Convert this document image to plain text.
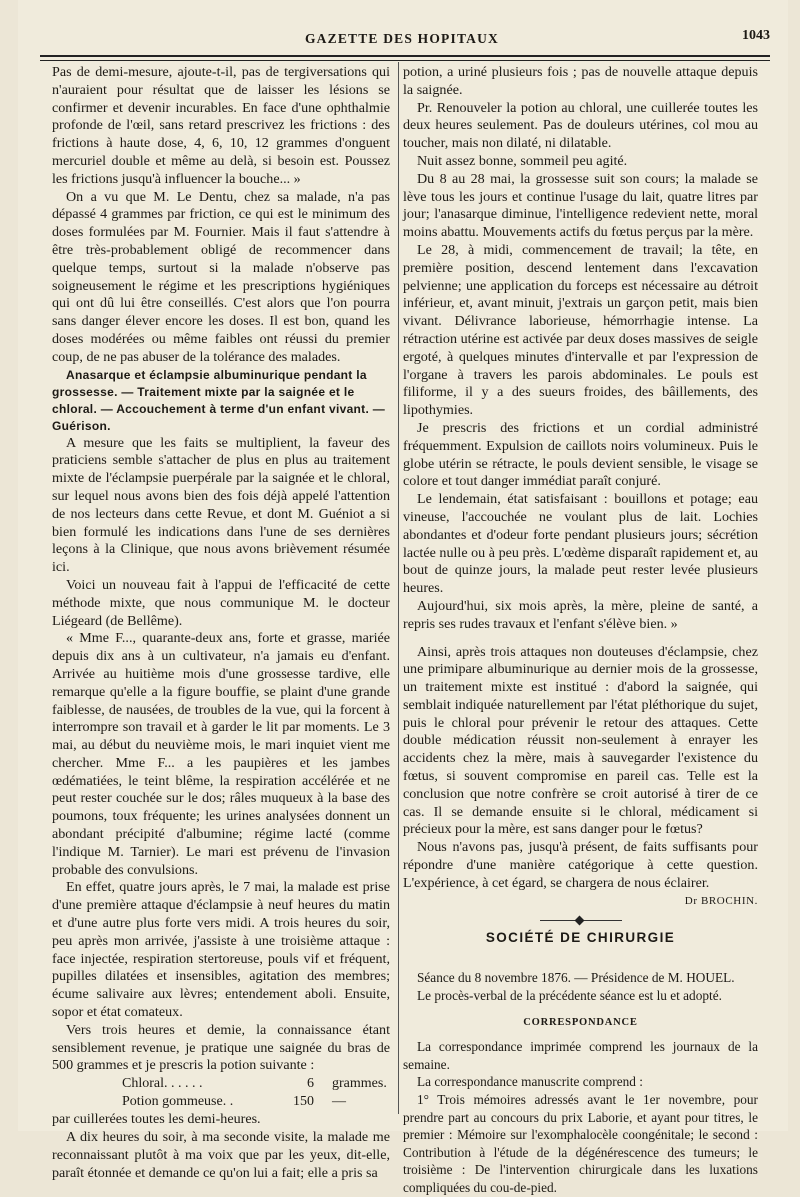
GAZETTE DES HOPITAUX	1043

Pas de demi-mesure, ajoute-t-il, pas de tergiversations qui n'auraient pour résultat que de laisser les lésions se confirmer et devenir incurables. En face d'une ophthalmie profonde de l'œil, sans retard prescrivez les frictions : des frictions à haute dose, 4, 6, 10, 12 grammes d'onguent mercuriel double et même au delà, si besoin est. Poussez les frictions jusqu'à influencer la bouche... »

On a vu que M. Le Dentu, chez sa malade, n'a pas dépassé 4 grammes par friction, ce qui est le minimum des doses formulées par M. Fournier. Mais il faut s'attendre à être très-probablement obligé de recommencer dans quelque temps, surtout si la malade n'observe pas soigneusement le régime et les prescriptions hygiéniques qui ont dû lui être conseillés. C'est alors que l'on pourra sans danger élever encore les doses. Il est bon, quand les doses modérées ou même faibles ont réussi du premier coup, de ne pas abuser de la tolérance des malades.

Anasarque et éclampsie albuminurique pendant la grossesse. — Traitement mixte par la saignée et le chloral. — Accouchement à terme d'un enfant vivant. — Guérison.

A mesure que les faits se multiplient, la faveur des praticiens semble s'attacher de plus en plus au traitement mixte de l'éclampsie puerpérale par la saignée et le chloral, sur lequel nous avons bien des fois déjà appelé l'attention de nos lecteurs dans cette Revue, et dont M. Guéniot a si bien formulé les indications dans l'une de ses dernières leçons à la Clinique, que nous avons brièvement résumée ici.

Voici un nouveau fait à l'appui de l'efficacité de cette méthode mixte, que nous communique M. le docteur Liégeard (de Bellême).

« Mme F..., quarante-deux ans, forte et grasse, mariée depuis dix ans à un cultivateur, n'a jamais eu d'enfant. Arrivée au huitième mois d'une grossesse tardive, elle remarque qu'elle a la figure bouffie, se plaint d'une grande faiblesse, de nausées, de troubles de la vue, qui la forcent à interrompre son travail et à garder le lit par moments. Le 3 mai, au début du neuvième mois, le mari inquiet vient me chercher. Mme F... a les paupières et les jambes œdématiées, le teint blême, la respiration accélérée et ne peut rester couchée sur le dos; râles muqueux à la base des poumons, toux fréquente; les urines analysées donnent un abondant précipité d'albumine; régime lacté (comme l'indique M. Tarnier). Le mari est prévenu de l'invasion probable des convulsions.

En effet, quatre jours après, le 7 mai, la malade est prise d'une première attaque d'éclampsie à neuf heures du matin et d'une autre plus forte vers midi. A trois heures du soir, peu après mon arrivée, j'assiste à une troisième attaque : face injectée, respiration stertoreuse, pouls vif et fréquent, pupilles dilatées et insensibles, agitation des membres; écume salivaire aux lèvres; entendement aboli. Ensuite, sopor et état comateux.

Vers trois heures et demie, la connaissance étant sensiblement revenue, je pratique une saignée du bras de 500 grammes et je prescris la potion suivante :

Chloral. . . . . .	6	grammes.
Potion gommeuse. .	150	—

par cuillerées toutes les demi-heures.

A dix heures du soir, à ma seconde visite, la malade me reconnaissant plutôt à ma voix que par les yeux, dit-elle, paraît étonnée et demande ce qu'on lui a fait; elle a pris sa

potion, a uriné plusieurs fois ; pas de nouvelle attaque depuis la saignée.

Pr. Renouveler la potion au chloral, une cuillerée toutes les deux heures seulement. Pas de douleurs utérines, col mou au toucher, mais non dilaté, ni dilatable.

Nuit assez bonne, sommeil peu agité.

Du 8 au 28 mai, la grossesse suit son cours; la malade se lève tous les jours et continue l'usage du lait, quatre litres par jour; l'anasarque diminue, l'intelligence redevient nette, moral moins abattu. Mouvements actifs du fœtus perçus par la mère.

Le 28, à midi, commencement de travail; la tête, en première position, descend lentement dans l'excavation pelvienne; une application du forceps est nécessaire au détroit inférieur, et, avant minuit, j'extrais un garçon petit, mais bien vivant. Délivrance laborieuse, hémorrhagie intense. La rétraction utérine est activée par deux doses massives de seigle ergoté, à quelques minutes d'intervalle et par l'expression de l'organe à travers les parois abdominales. Le pouls est filiforme, il y a des sueurs froides, des bâillements, des lipothymies.

Je prescris des frictions et un cordial administré fréquemment. Expulsion de caillots noirs volumineux. Puis le globe utérin se rétracte, le pouls devient sensible, le visage se colore et tout danger immédiat paraît conjuré.

Le lendemain, état satisfaisant : bouillons et potage; eau vineuse, l'accouchée ne voulant plus de lait. Lochies abondantes et d'odeur forte pendant plusieurs jours; sécrétion lactée nulle ou à peu près. L'œdème disparaît rapidement et, au bout de quinze jours, la malade peut rester levée plusieurs heures.

Aujourd'hui, six mois après, la mère, pleine de santé, a repris ses rudes travaux et l'enfant s'élève bien. »

Ainsi, après trois attaques non douteuses d'éclampsie, chez une primipare albuminurique au dernier mois de la grossesse, un traitement mixte est institué : d'abord la saignée, qui semblait indiquée naturellement par l'état pléthorique du sujet, puis le chloral pour prévenir le retour des attaques. Cette double médication réussit non-seulement à enrayer les accidents chez la mère, mais à sauvegarder l'existence du fœtus, si souvent compromise en pareil cas. Telle est la conclusion que notre confrère se croit autorisé à tirer de ce cas. Il se demande ensuite si le chloral, médicament si précieux pour la mère, est sans danger pour le fœtus?

Nous n'avons pas, jusqu'à présent, de faits suffisants pour répondre d'une manière catégorique à cette question. L'expérience, à cet égard, se chargera de nous éclairer.

Dr BROCHIN.

SOCIÉTÉ DE CHIRURGIE

Séance du 8 novembre 1876. — Présidence de M. HOUEL.

Le procès-verbal de la précédente séance est lu et adopté.

CORRESPONDANCE

La correspondance imprimée comprend les journaux de la semaine.

La correspondance manuscrite comprend :

1° Trois mémoires adressés avant le 1er novembre, pour prendre part au concours du prix Laborie, et ayant pour titres, le premier : Mémoire sur l'exomphalocèle coongénitale; le second : Contribution à l'étude de la dégénérescence des tumeurs; le troisième : De l'intervention chirurgicale dans les luxations compliquées du cou-de-pied.
